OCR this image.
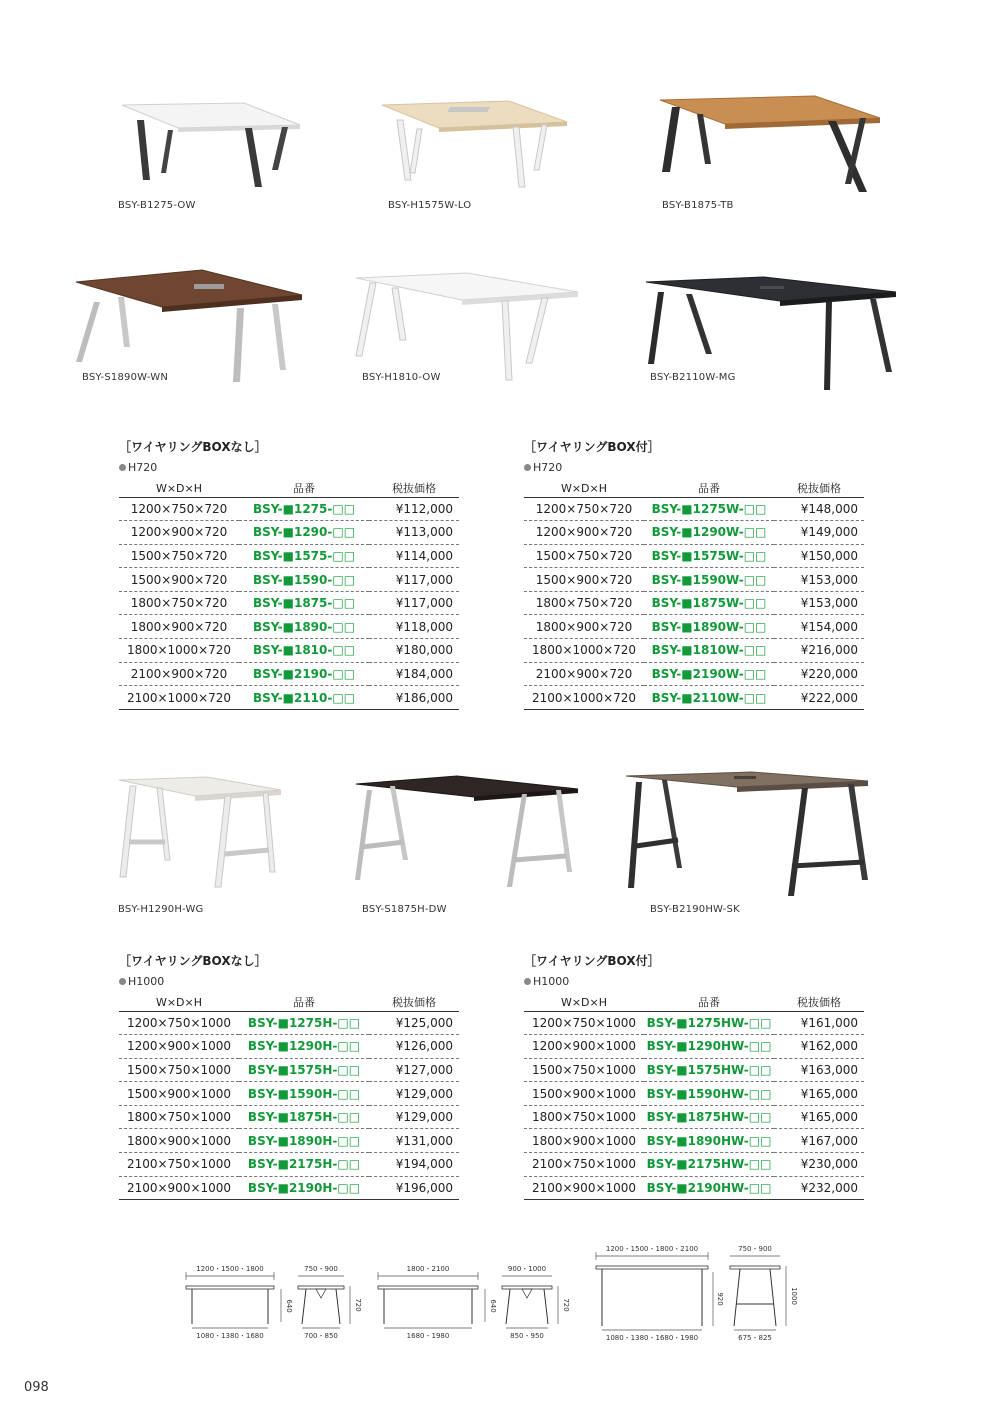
BSY-B1275-OW	BSY-H1575W-LO	BSY-B1875-TB
BSY-S1890W-WN	BSY-H1810-OW	BSY-B2110W-MG
［ワイヤリングBOXなし］
H720
W×D×H	品番	税抜価格
1200×750×720	BSY-■1275-□□	¥112,000
1200×900×720	BSY-■1290-□□	¥113,000
1500×750×720	BSY-■1575-□□	¥114,000
1500×900×720	BSY-■1590-□□	¥117,000
1800×750×720	BSY-■1875-□□	¥117,000
1800×900×720	BSY-■1890-□□	¥118,000
1800×1000×720	BSY-■1810-□□	¥180,000
2100×900×720	BSY-■2190-□□	¥184,000
2100×1000×720	BSY-■2110-□□	¥186,000
［ワイヤリングBOX付］
H720
W×D×H	品番	税抜価格
1200×750×720	BSY-■1275W-□□	¥148,000
1200×900×720	BSY-■1290W-□□	¥149,000
1500×750×720	BSY-■1575W-□□	¥150,000
1500×900×720	BSY-■1590W-□□	¥153,000
1800×750×720	BSY-■1875W-□□	¥153,000
1800×900×720	BSY-■1890W-□□	¥154,000
1800×1000×720	BSY-■1810W-□□	¥216,000
2100×900×720	BSY-■2190W-□□	¥220,000
2100×1000×720	BSY-■2110W-□□	¥222,000
BSY-H1290H-WG	BSY-S1875H-DW	BSY-B2190HW-SK
［ワイヤリングBOXなし］
H1000
W×D×H	品番	税抜価格
1200×750×1000	BSY-■1275H-□□	¥125,000
1200×900×1000	BSY-■1290H-□□	¥126,000
1500×750×1000	BSY-■1575H-□□	¥127,000
1500×900×1000	BSY-■1590H-□□	¥129,000
1800×750×1000	BSY-■1875H-□□	¥129,000
1800×900×1000	BSY-■1890H-□□	¥131,000
2100×750×1000	BSY-■2175H-□□	¥194,000
2100×900×1000	BSY-■2190H-□□	¥196,000
［ワイヤリングBOX付］
H1000
W×D×H	品番	税抜価格
1200×750×1000	BSY-■1275HW-□□	¥161,000
1200×900×1000	BSY-■1290HW-□□	¥162,000
1500×750×1000	BSY-■1575HW-□□	¥163,000
1500×900×1000	BSY-■1590HW-□□	¥165,000
1800×750×1000	BSY-■1875HW-□□	¥165,000
1800×900×1000	BSY-■1890HW-□□	¥167,000
2100×750×1000	BSY-■2175HW-□□	¥230,000
2100×900×1000	BSY-■2190HW-□□	¥232,000
1200・1500・1800
1080・1380・1680
640
750・900
700・850
720
1800・2100
1680・1980
640
900・1000
850・950
720
1200・1500・1800・2100
1080・1380・1680・1980
920
750・900
675・825
1000
098
